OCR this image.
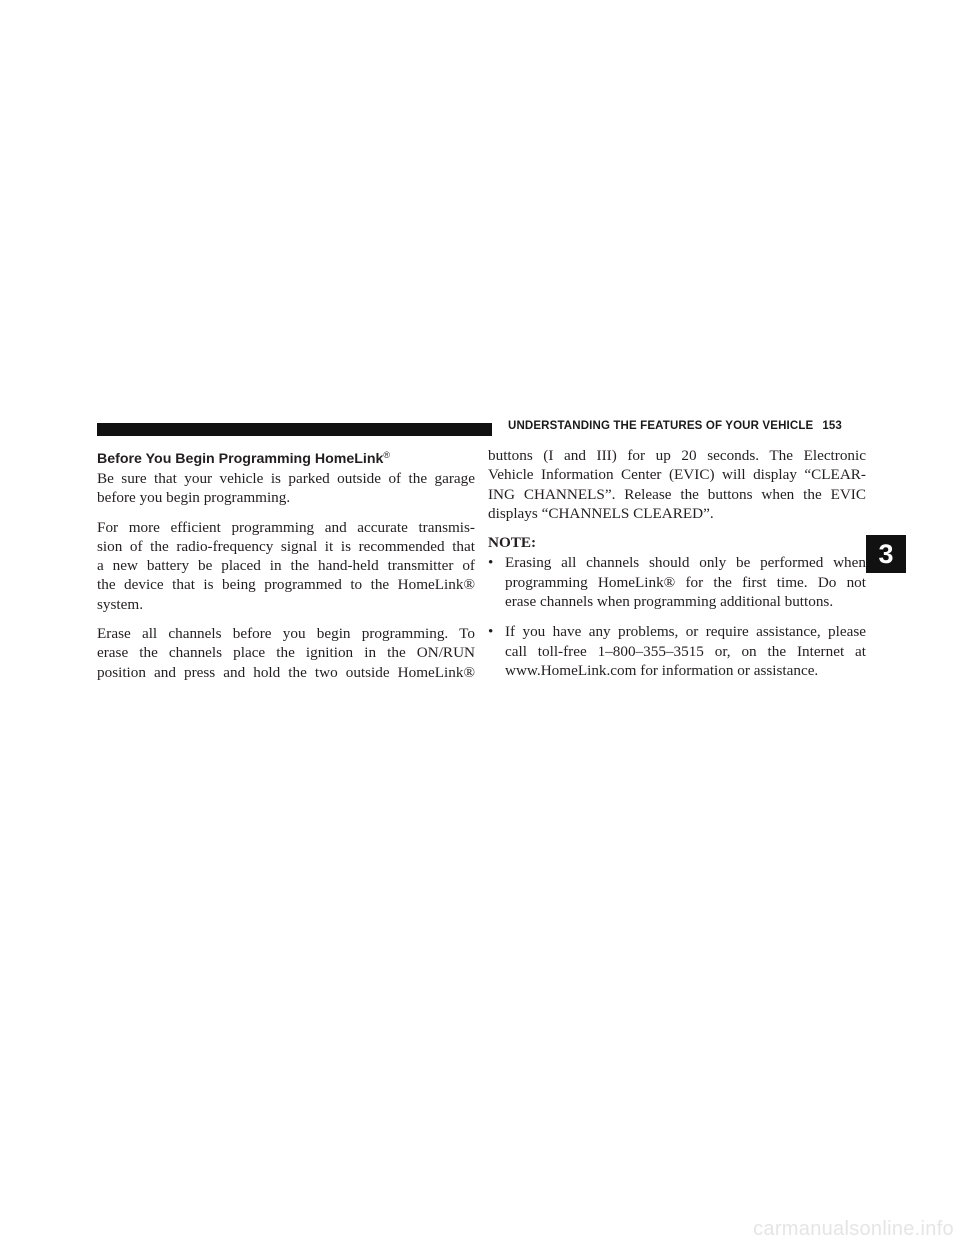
UNDERSTANDING THE FEATURES OF YOUR VEHICLE 153
Before You Begin Programming HomeLink®

Be sure that your vehicle is parked outside of the garage
before you begin programming.

For more efficient programming and accurate transmis-
sion of the radio-frequency signal it is recommended that
a new battery be placed in the hand-held transmitter of
the device that is being programmed to the HomeLink®
system.

Erase all channels before you begin programming. To
erase the channels place the ignition in the ON/RUN
position and press and hold the two outside HomeLink®

buttons (I and III) for up 20 seconds. The Electronic
Vehicle Information Center (EVIC) will display “CLEAR-
ING CHANNELS”. Release the buttons when the EVIC
displays “CHANNELS CLEARED”.

NOTE:
• Erasing all channels should only be performed when
programming HomeLink® for the first time. Do not
erase channels when programming additional buttons.
• If you have any problems, or require assistance, please
call toll-free 1–800–355–3515 or, on the Internet at
www.HomeLink.com for information or assistance.
3
carmanualsonline.info
